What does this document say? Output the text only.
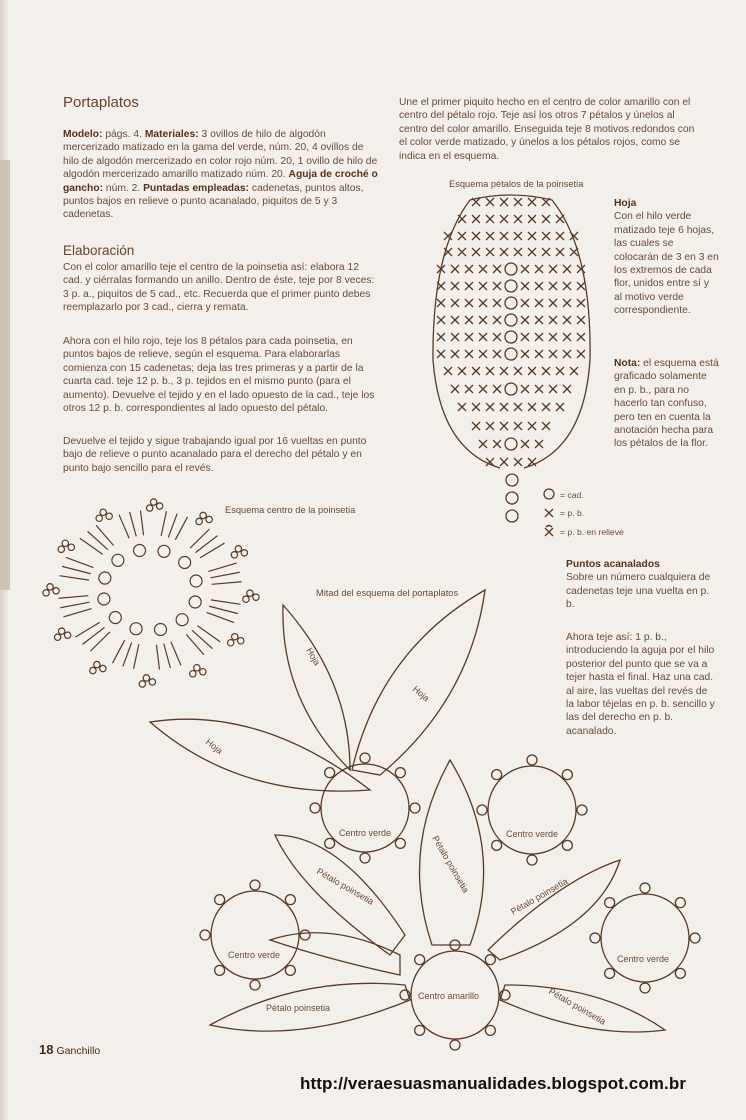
Portaplatos
Modelo: págs. 4. Materiales: 3 ovillos de hilo de algodón mercerizado matizado en la gama del verde, núm. 20, 4 ovillos de hilo de algodón mercerizado en color rojo núm. 20, 1 ovillo de hilo de algodón mercerizado amarillo matizado núm. 20. Aguja de croché o gancho: núm. 2. Puntadas empleadas: cadenetas, puntos altos, puntos bajos en relieve o punto acanalado, piquitos de 5 y 3 cadenetas.
Elaboración
Con el color amarillo teje el centro de la poinsetia así: elabora 12 cad. y ciérralas formando un anillo. Dentro de éste, teje por 8 veces: 3 p. a., piquitos de 5 cad., etc. Recuerda que el primer punto debes reemplazarlo por 3 cad., cierra y remata.
Ahora con el hilo rojo, teje los 8 pétalos para cada poinsetia, en puntos bajos de relieve, según el esquema. Para elaborarlas comienza con 15 cadenetas; deja las tres primeras y a partir de la cuarta cad. teje 12 p. b., 3 p. tejidos en el mismo punto (para el aumento). Devuelve el tejido y en el lado opuesto de la cad., teje los otros 12 p. b. correspondientes al lado opuesto del pétalo.
Devuelve el tejido y sigue trabajando igual por 16 vueltas en punto bajo de relieve o punto acanalado para el derecho del pétalo y en punto bajo sencillo para el revés.
Une el primer piquito hecho en el centro de color amarillo con el centro del pétalo rojo. Teje así los otros 7 pétalos y únelos al centro del color amarillo. Enseguida teje 8 motivos redondos con el color verde matizado, y únelos a los pétalos rojos, como se indica en el esquema.
Esquema pétalos de la poinsetia
Esquema centro de la poinsetia
Mitad del esquema del portaplatos
Hoja
Con el hilo verde matizado teje 6 hojas, las cuales se colocarán de 3 en 3 en los extremos de cada flor, unidos entre sí y al motivo verde correspondiente.
Nota: el esquema está graficado solamente en p. b., para no hacerlo tan confuso, pero ten en cuenta la anotación hecha para los pétalos de la flor.
= cad.
= p. b.
= p. b. en relieve
Puntos acanalados
Sobre un número cualquiera de cadenetas teje una vuelta en p. b.
Ahora teje así: 1 p. b., introduciendo la aguja por el hilo posterior del punto que se va a tejer hasta el final. Haz una cad. al aire, las vueltas del revés de la labor téjelas en p. b. sencillo y las del derecho en p. b. acanalado.
Hoja
Hoja
Hoja
Centro verde	Centro verde
Centro verde	Centro verde
Centro amarillo
Pétalo poinsetia
Pétalo poinsetia	Pétalo poinsetia
Pétalo poinsetia	Pétalo poinsetia
18 Ganchillo
http://veraesuasmanualidades.blogspot.com.br
